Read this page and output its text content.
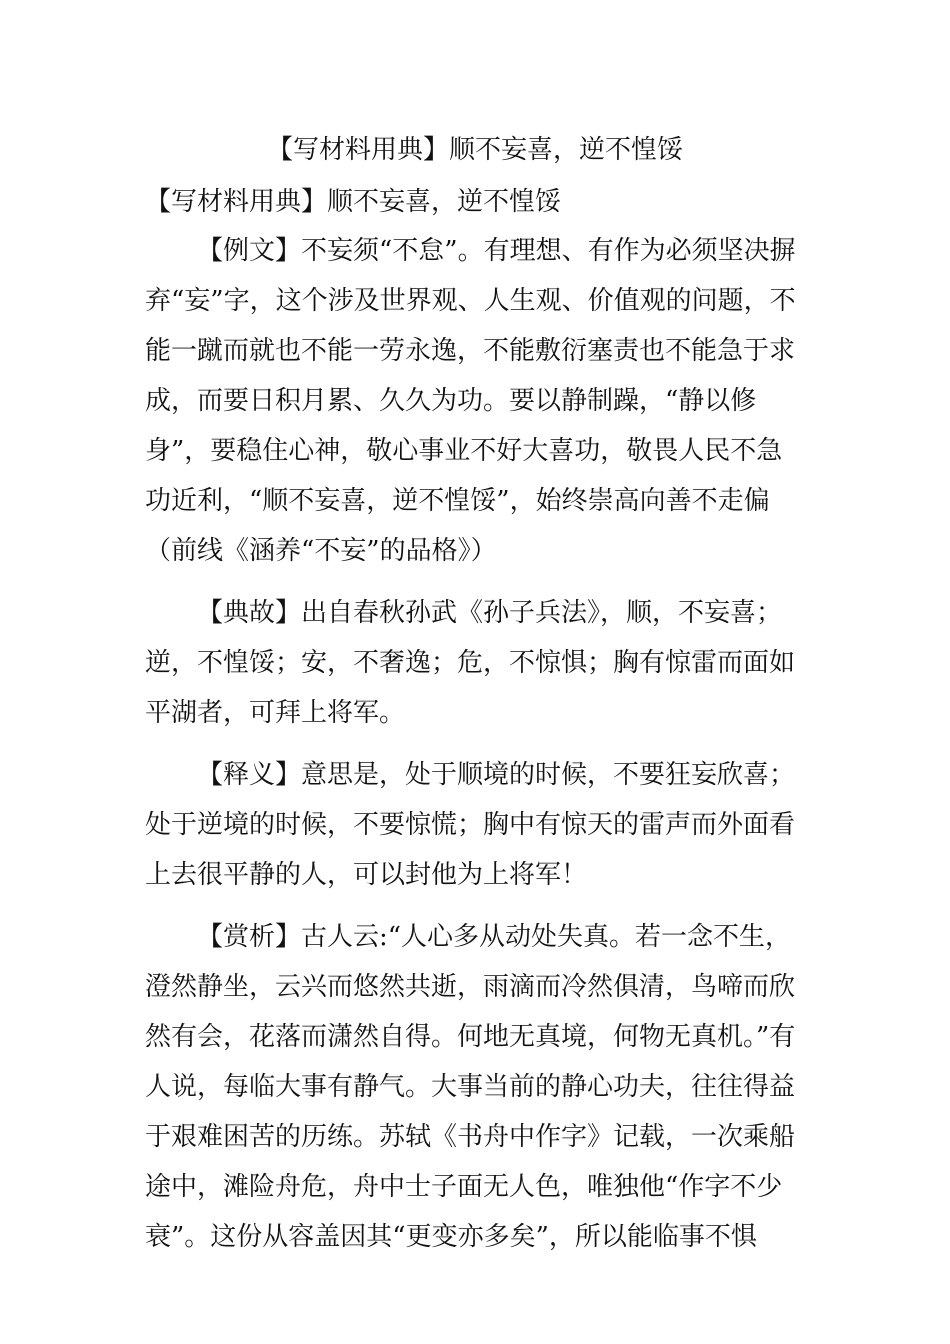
【写材料用典】顺不妄喜，逆不惶馁
【写材料用典】顺不妄喜，逆不惶馁

【例文】不妄须“不怠”。有理想、有作为必须坚决摒弃“妄”字，这个涉及世界观、人生观、价值观的问题，不能一蹴而就也不能一劳永逸，不能敷衍塞责也不能急于求成，而要日积月累、久久为功。要以静制躁，“静以修身”，要稳住心神，敬心事业不好大喜功，敬畏人民不急功近利，“顺不妄喜，逆不惶馁”，始终崇高向善不走偏

（前线《涵养“不妄”的品格》）

【典故】出自春秋孙武《孙子兵法》，顺，不妄喜；逆，不惶馁；安，不奢逸；危，不惊惧；胸有惊雷而面如平湖者，可拜上将军。

【释义】意思是，处于顺境的时候，不要狂妄欣喜；处于逆境的时候，不要惊慌；胸中有惊天的雷声而外面看上去很平静的人，可以封他为上将军！

【赏析】古人云:“人心多从动处失真。若一念不生，澄然静坐，云兴而悠然共逝，雨滴而冷然俱清，鸟啼而欣然有会，花落而潇然自得。何地无真境，何物无真机。”有人说，每临大事有静气。大事当前的静心功夫，往往得益于艰难困苦的历练。苏轼《书舟中作字》记载，一次乘船途中，滩险舟危，舟中士子面无人色，唯独他“作字不少衰”。这份从容盖因其“更变亦多矣”，所以能临事不惧
